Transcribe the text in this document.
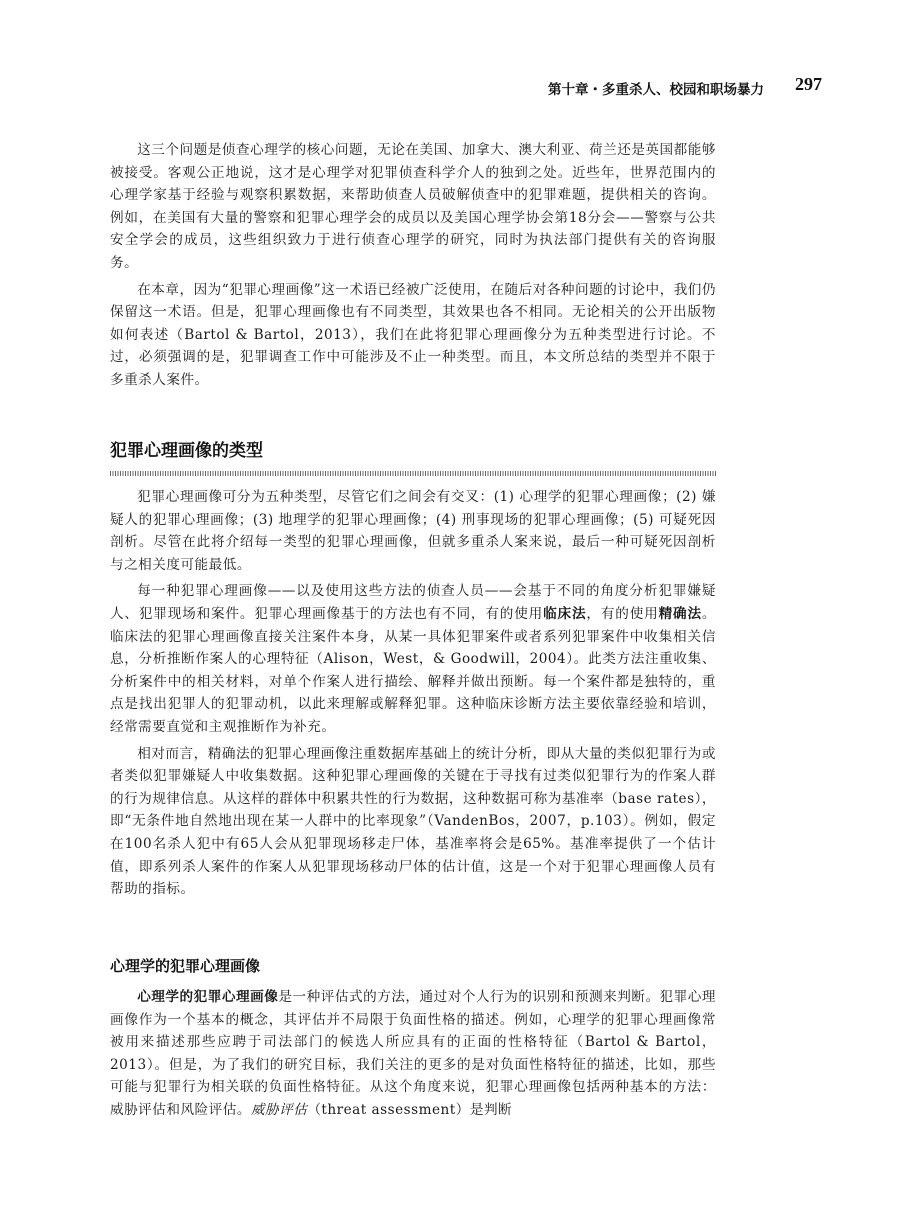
第十章・多重杀人、校园和职场暴力 297

这三个问题是侦查心理学的核心问题，无论在美国、加拿大、澳大利亚、荷兰还是英国都能够被接受。客观公正地说，这才是心理学对犯罪侦查科学介人的独到之处。近些年，世界范围内的心理学家基于经验与观察积累数据，来帮助侦查人员破解侦查中的犯罪难题，提供相关的咨询。例如，在美国有大量的警察和犯罪心理学会的成员以及美国心理学协会第18分会——警察与公共安全学会的成员，这些组织致力于进行侦查心理学的研究，同时为执法部门提供有关的咨询服务。

在本章，因为“犯罪心理画像”这一术语已经被广泛使用，在随后对各种问题的讨论中，我们仍保留这一术语。但是，犯罪心理画像也有不同类型，其效果也各不相同。无论相关的公开出版物如何表述（Bartol & Bartol，2013），我们在此将犯罪心理画像分为五种类型进行讨论。不过，必须强调的是，犯罪调查工作中可能涉及不止一种类型。而且，本文所总结的类型并不限于多重杀人案件。

犯罪心理画像的类型

犯罪心理画像可分为五种类型，尽管它们之间会有交叉：(1) 心理学的犯罪心理画像；(2) 嫌疑人的犯罪心理画像；(3) 地理学的犯罪心理画像；(4) 刑事现场的犯罪心理画像；(5) 可疑死因剖析。尽管在此将介绍每一类型的犯罪心理画像，但就多重杀人案来说，最后一种可疑死因剖析与之相关度可能最低。

每一种犯罪心理画像——以及使用这些方法的侦查人员——会基于不同的角度分析犯罪嫌疑人、犯罪现场和案件。犯罪心理画像基于的方法也有不同，有的使用临床法，有的使用精确法。临床法的犯罪心理画像直接关注案件本身，从某一具体犯罪案件或者系列犯罪案件中收集相关信息，分析推断作案人的心理特征（Alison，West，& Goodwill，2004）。此类方法注重收集、分析案件中的相关材料，对单个作案人进行描绘、解释并做出预断。每一个案件都是独特的，重点是找出犯罪人的犯罪动机，以此来理解或解释犯罪。这种临床诊断方法主要依靠经验和培训，经常需要直觉和主观推断作为补充。

相对而言，精确法的犯罪心理画像注重数据库基础上的统计分析，即从大量的类似犯罪行为或者类似犯罪嫌疑人中收集数据。这种犯罪心理画像的关键在于寻找有过类似犯罪行为的作案人群的行为规律信息。从这样的群体中积累共性的行为数据，这种数据可称为基准率（base rates），即“无条件地自然地出现在某一人群中的比率现象”（VandenBos，2007，p.103）。例如，假定在100名杀人犯中有65人会从犯罪现场移走尸体，基准率将会是65%。基准率提供了一个估计值，即系列杀人案件的作案人从犯罪现场移动尸体的估计值，这是一个对于犯罪心理画像人员有帮助的指标。

心理学的犯罪心理画像

心理学的犯罪心理画像是一种评估式的方法，通过对个人行为的识别和预测来判断。犯罪心理画像作为一个基本的概念，其评估并不局限于负面性格的描述。例如，心理学的犯罪心理画像常被用来描述那些应聘于司法部门的候选人所应具有的正面的性格特征（Bartol & Bartol，2013）。但是，为了我们的研究目标，我们关注的更多的是对负面性格特征的描述，比如，那些可能与犯罪行为相关联的负面性格特征。从这个角度来说，犯罪心理画像包括两种基本的方法：威胁评估和风险评估。威胁评估（threat assessment）是判断
